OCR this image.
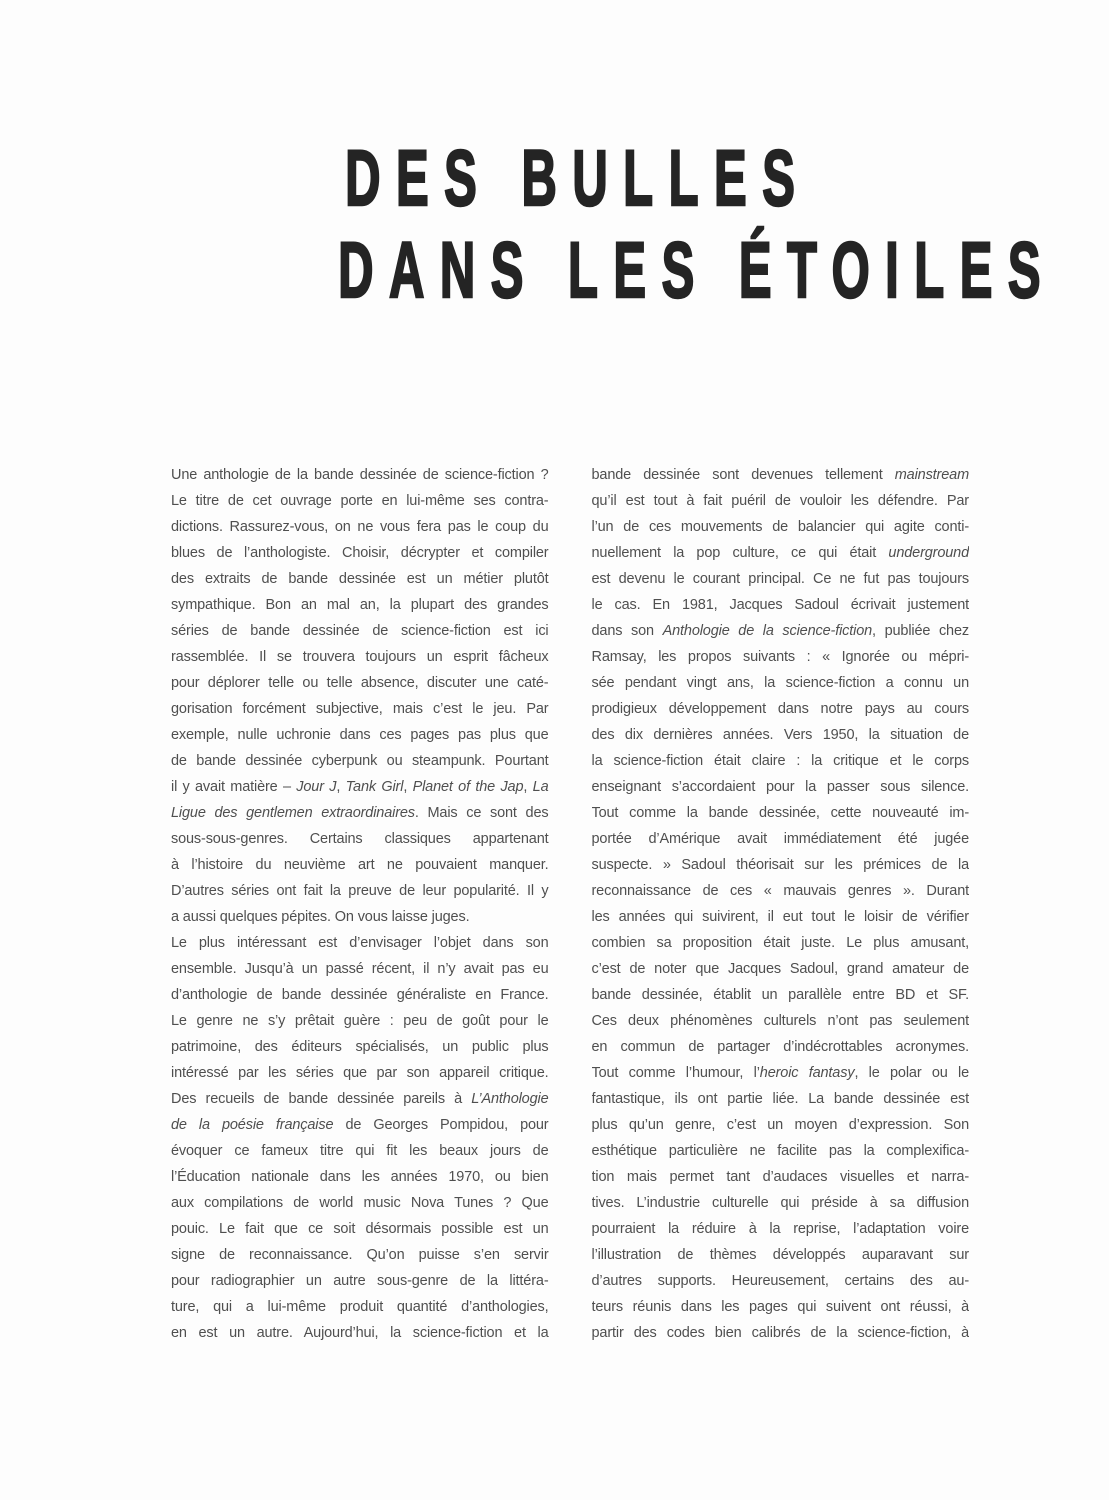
DES BULLES
DANS LES ÉTOILES
Une anthologie de la bande dessinée de science-fiction ?
Le titre de cet ouvrage porte en lui-même ses contra-
dictions. Rassurez-vous, on ne vous fera pas le coup du
blues de l’anthologiste. Choisir, décrypter et compiler
des extraits de bande dessinée est un métier plutôt
sympathique. Bon an mal an, la plupart des grandes
séries de bande dessinée de science-fiction est ici
rassemblée. Il se trouvera toujours un esprit fâcheux
pour déplorer telle ou telle absence, discuter une caté-
gorisation forcément subjective, mais c’est le jeu. Par
exemple, nulle uchronie dans ces pages pas plus que
de bande dessinée cyberpunk ou steampunk. Pourtant
il y avait matière – Jour J, Tank Girl, Planet of the Jap, La
Ligue des gentlemen extraordinaires. Mais ce sont des
sous-sous-genres. Certains classiques appartenant
à l’histoire du neuvième art ne pouvaient manquer.
D’autres séries ont fait la preuve de leur popularité. Il y
a aussi quelques pépites. On vous laisse juges.
Le plus intéressant est d’envisager l’objet dans son
ensemble. Jusqu’à un passé récent, il n’y avait pas eu
d’anthologie de bande dessinée généraliste en France.
Le genre ne s’y prêtait guère : peu de goût pour le
patrimoine, des éditeurs spécialisés, un public plus
intéressé par les séries que par son appareil critique.
Des recueils de bande dessinée pareils à L’Anthologie
de la poésie française de Georges Pompidou, pour
évoquer ce fameux titre qui fit les beaux jours de
l’Éducation nationale dans les années 1970, ou bien
aux compilations de world music Nova Tunes ? Que
pouic. Le fait que ce soit désormais possible est un
signe de reconnaissance. Qu’on puisse s’en servir
pour radiographier un autre sous-genre de la littéra-
ture, qui a lui-même produit quantité d’anthologies,
en est un autre. Aujourd’hui, la science-fiction et la
bande dessinée sont devenues tellement mainstream
qu’il est tout à fait puéril de vouloir les défendre. Par
l’un de ces mouvements de balancier qui agite conti-
nuellement la pop culture, ce qui était underground
est devenu le courant principal. Ce ne fut pas toujours
le cas. En 1981, Jacques Sadoul écrivait justement
dans son Anthologie de la science-fiction, publiée chez
Ramsay, les propos suivants : « Ignorée ou mépri-
sée pendant vingt ans, la science-fiction a connu un
prodigieux développement dans notre pays au cours
des dix dernières années. Vers 1950, la situation de
la science-fiction était claire : la critique et le corps
enseignant s’accordaient pour la passer sous silence.
Tout comme la bande dessinée, cette nouveauté im-
portée d’Amérique avait immédiatement été jugée
suspecte. » Sadoul théorisait sur les prémices de la
reconnaissance de ces « mauvais genres ». Durant
les années qui suivirent, il eut tout le loisir de vérifier
combien sa proposition était juste. Le plus amusant,
c’est de noter que Jacques Sadoul, grand amateur de
bande dessinée, établit un parallèle entre BD et SF.
Ces deux phénomènes culturels n’ont pas seulement
en commun de partager d’indécrottables acronymes.
Tout comme l’humour, l’heroic fantasy, le polar ou le
fantastique, ils ont partie liée. La bande dessinée est
plus qu’un genre, c’est un moyen d’expression. Son
esthétique particulière ne facilite pas la complexifica-
tion mais permet tant d’audaces visuelles et narra-
tives. L’industrie culturelle qui préside à sa diffusion
pourraient la réduire à la reprise, l’adaptation voire
l’illustration de thèmes développés auparavant sur
d’autres supports. Heureusement, certains des au-
teurs réunis dans les pages qui suivent ont réussi, à
partir des codes bien calibrés de la science-fiction, à
